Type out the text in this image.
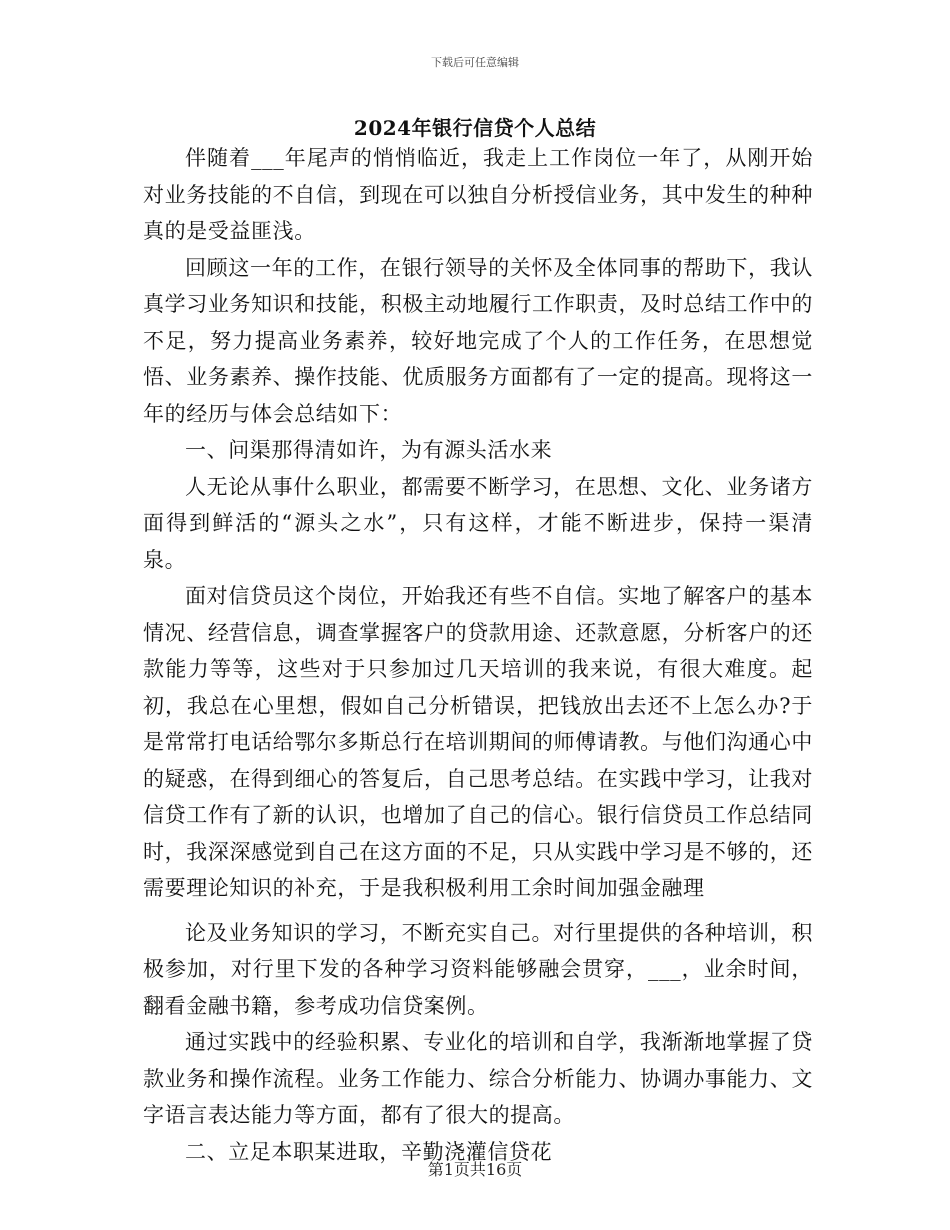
下载后可任意编辑
2024年银行信贷个人总结

伴随着___年尾声的悄悄临近，我走上工作岗位一年了，从刚开始对业务技能的不自信，到现在可以独自分析授信业务，其中发生的种种真的是受益匪浅。

回顾这一年的工作，在银行领导的关怀及全体同事的帮助下，我认真学习业务知识和技能，积极主动地履行工作职责，及时总结工作中的不足，努力提高业务素养，较好地完成了个人的工作任务，在思想觉悟、业务素养、操作技能、优质服务方面都有了一定的提高。现将这一年的经历与体会总结如下：

一、问渠那得清如许，为有源头活水来

人无论从事什么职业，都需要不断学习，在思想、文化、业务诸方面得到鲜活的“源头之水”，只有这样，才能不断进步，保持一渠清泉。

面对信贷员这个岗位，开始我还有些不自信。实地了解客户的基本情况、经营信息，调查掌握客户的贷款用途、还款意愿，分析客户的还款能力等等，这些对于只参加过几天培训的我来说，有很大难度。起初，我总在心里想，假如自己分析错误，把钱放出去还不上怎么办?于是常常打电话给鄂尔多斯总行在培训期间的师傅请教。与他们沟通心中的疑惑，在得到细心的答复后，自己思考总结。在实践中学习，让我对信贷工作有了新的认识，也增加了自己的信心。银行信贷员工作总结同时，我深深感觉到自己在这方面的不足，只从实践中学习是不够的，还需要理论知识的补充，于是我积极利用工余时间加强金融理

论及业务知识的学习，不断充实自己。对行里提供的各种培训，积极参加，对行里下发的各种学习资料能够融会贯穿，___，业余时间，翻看金融书籍，参考成功信贷案例。

通过实践中的经验积累、专业化的培训和自学，我渐渐地掌握了贷款业务和操作流程。业务工作能力、综合分析能力、协调办事能力、文字语言表达能力等方面，都有了很大的提高。

二、立足本职某进取，辛勤浇灌信贷花

第1页共16页
